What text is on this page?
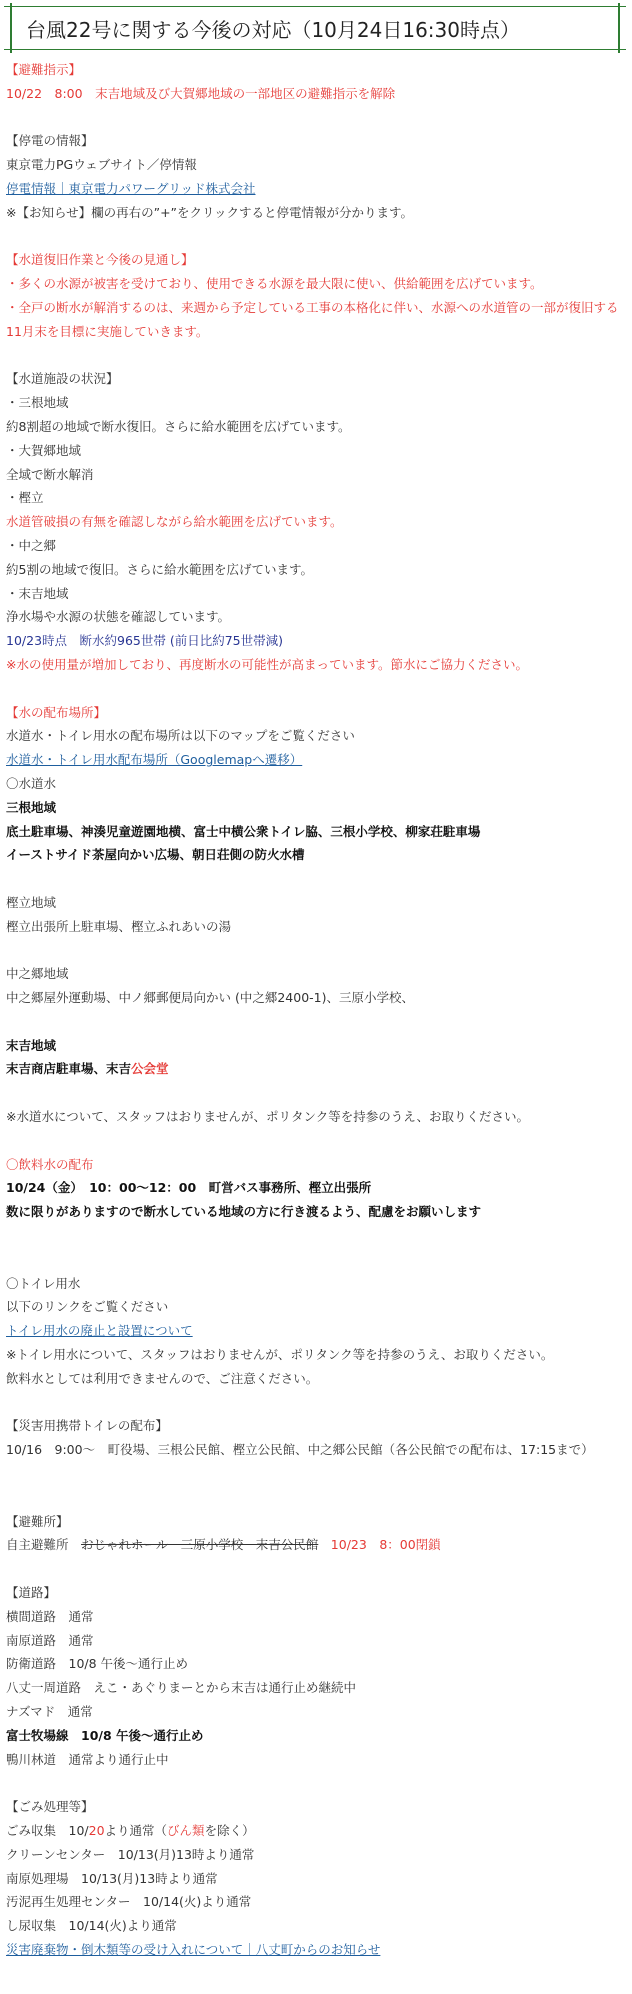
台風22号に関する今後の対応（10月24日16:30時点）
【避難指示】
10/22　8:00　末吉地域及び大賀郷地域の一部地区の避難指示を解除
【停電の情報】
東京電力PGウェブサイト／停情報
停電情報｜東京電力パワーグリッド株式会社
※【お知らせ】欄の再右の”+”をクリックすると停電情報が分かります。
【水道復旧作業と今後の見通し】
・多くの水源が被害を受けており、使用できる水源を最大限に使い、供給範囲を広げています。
・全戸の断水が解消するのは、来週から予定している工事の本格化に伴い、水源への水道管の一部が復旧する11月末を目標に実施していきます。
【水道施設の状況】
・三根地域
約8割超の地域で断水復旧。さらに給水範囲を広げています。
・大賀郷地域
全域で断水解消
・樫立
水道管破損の有無を確認しながら給水範囲を広げています。
・中之郷
約5割の地域で復旧。さらに給水範囲を広げています。
・末吉地域
浄水場や水源の状態を確認しています。
10/23時点　断水約965世帯 (前日比約75世帯減)
※水の使用量が増加しており、再度断水の可能性が高まっています。節水にご協力ください。
【水の配布場所】
水道水・トイレ用水の配布場所は以下のマップをご覧ください
水道水・トイレ用水配布場所（Googlemapへ遷移）
〇水道水
三根地域
底土駐車場、神湊児童遊園地横、富士中横公衆トイレ脇、三根小学校、柳家荘駐車場
イーストサイド茶屋向かい広場、朝日荘側の防火水槽
樫立地域
樫立出張所上駐車場、樫立ふれあいの湯
中之郷地域
中之郷屋外運動場、中ノ郷郵便局向かい (中之郷2400-1)、三原小学校、
末吉地域
末吉商店駐車場、末吉公会堂
※水道水について、スタッフはおりませんが、ポリタンク等を持参のうえ、お取りください。
〇飲料水の配布
10/24（金）　10：00～12：00　町営バス事務所、樫立出張所
数に限りがありますので断水している地域の方に行き渡るよう、配慮をお願いします
〇トイレ用水
以下のリンクをご覧ください
トイレ用水の廃止と設置について
※トイレ用水について、スタッフはおりませんが、ポリタンク等を持参のうえ、お取りください。
飲料水としては利用できませんので、ご注意ください。
【災害用携帯トイレの配布】
10/16　9:00～　町役場、三根公民館、樫立公民館、中之郷公民館（各公民館での配布は、17:15まで）
【避難所】
自主避難所　おじゃれホール　三原小学校　末吉公民館　 10/23　8：00閉鎖
【道路】
横間道路　通常
南原道路　通常
防衛道路　10/8 午後～通行止め
八丈一周道路　えこ・あぐりまーとから末吉は通行止め継続中
ナズマド　通常
富士牧場線　10/8 午後～通行止め
鴨川林道　通常より通行止中
【ごみ処理等】
ごみ収集　10/20より通常（びん類を除く）
クリーンセンター　10/13(月)13時より通常
南原処理場　10/13(月)13時より通常
汚泥再生処理センター　10/14(火)より通常
し尿収集　10/14(火)より通常
災害廃棄物・倒木類等の受け入れについて｜八丈町からのお知らせ
